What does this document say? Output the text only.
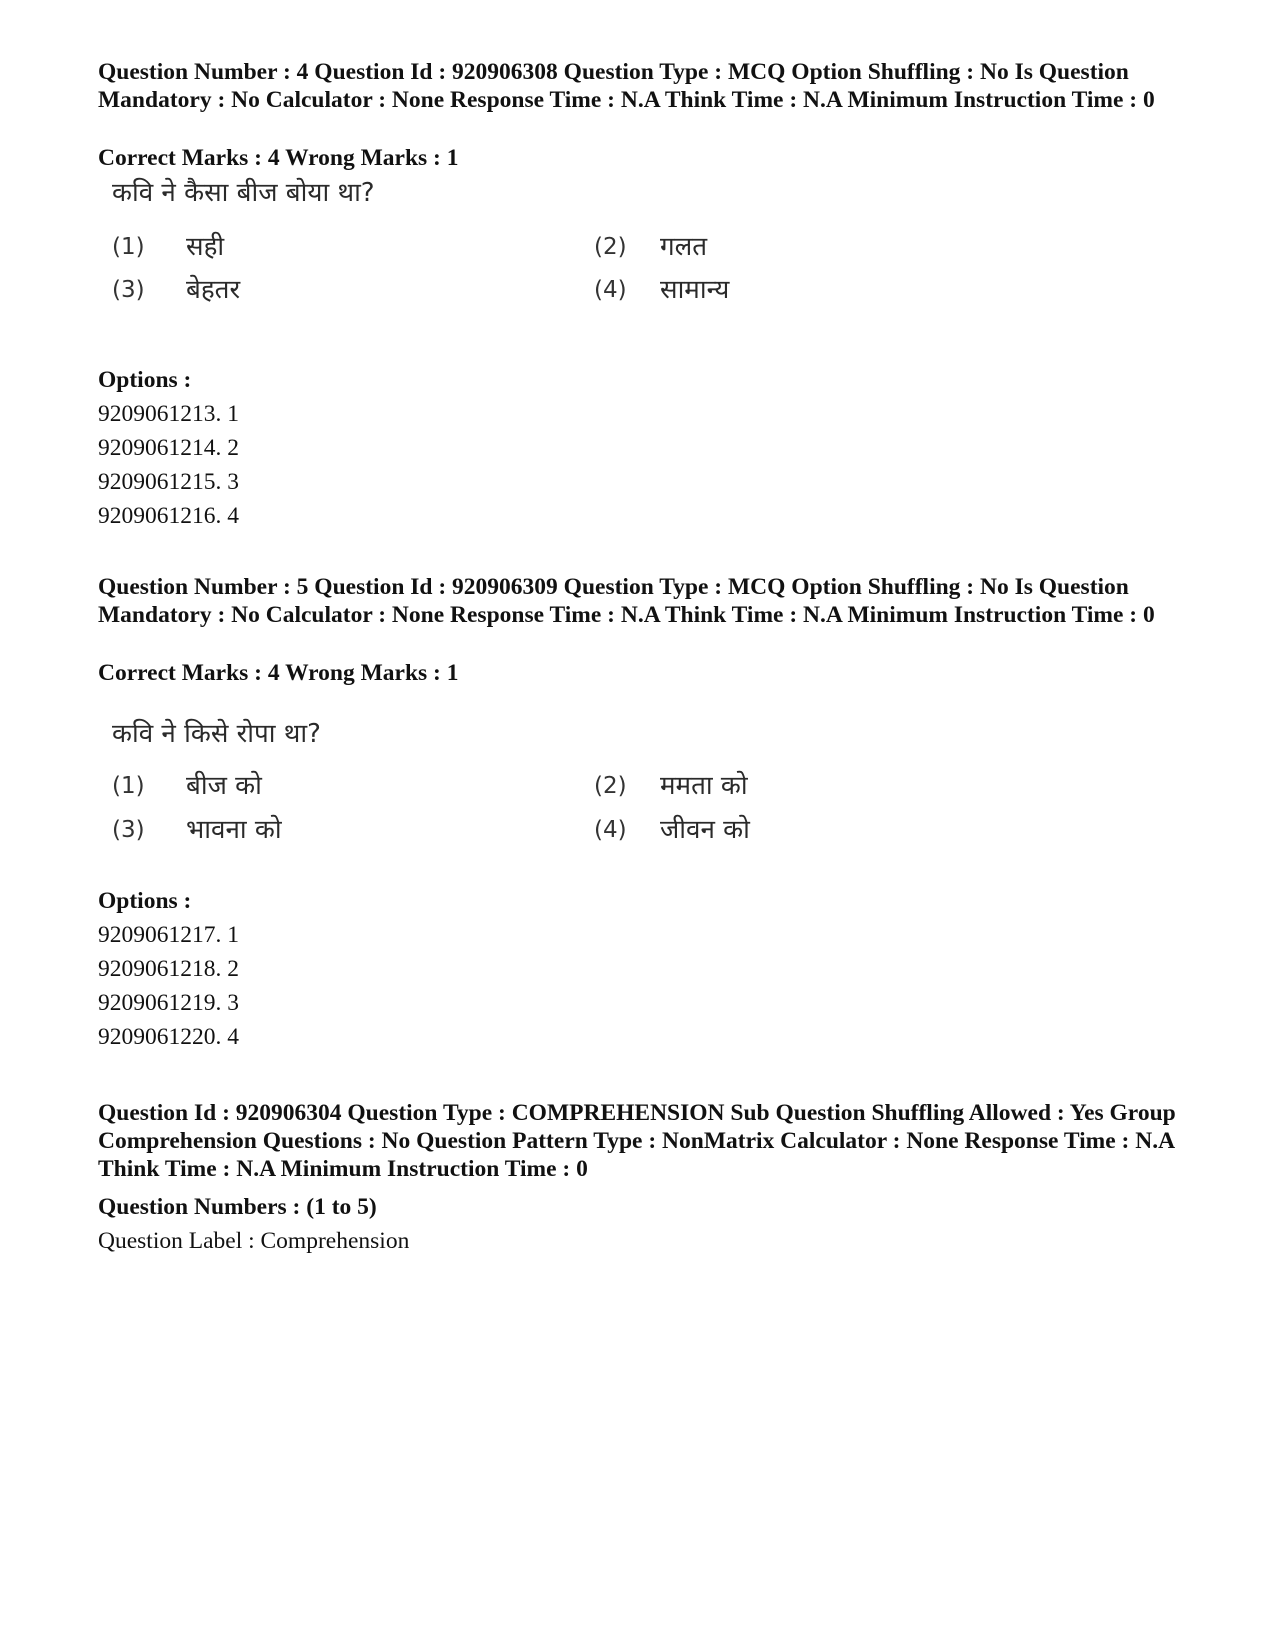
Question Number : 4 Question Id : 920906308 Question Type : MCQ Option Shuffling : No Is Question Mandatory : No Calculator : None Response Time : N.A Think Time : N.A Minimum Instruction Time : 0
Correct Marks : 4 Wrong Marks : 1
कवि ने कैसा बीज बोया था?
(1) सही	(2) गलत
(3) बेहतर	(4) सामान्य
Options :
9209061213. 1
9209061214. 2
9209061215. 3
9209061216. 4
Question Number : 5 Question Id : 920906309 Question Type : MCQ Option Shuffling : No Is Question Mandatory : No Calculator : None Response Time : N.A Think Time : N.A Minimum Instruction Time : 0
Correct Marks : 4 Wrong Marks : 1
कवि ने किसे रोपा था?
(1) बीज को	(2) ममता को
(3) भावना को	(4) जीवन को
Options :
9209061217. 1
9209061218. 2
9209061219. 3
9209061220. 4
Question Id : 920906304 Question Type : COMPREHENSION Sub Question Shuffling Allowed : Yes Group Comprehension Questions : No Question Pattern Type : NonMatrix Calculator : None Response Time : N.A Think Time : N.A Minimum Instruction Time : 0
Question Numbers : (1 to 5)
Question Label : Comprehension
